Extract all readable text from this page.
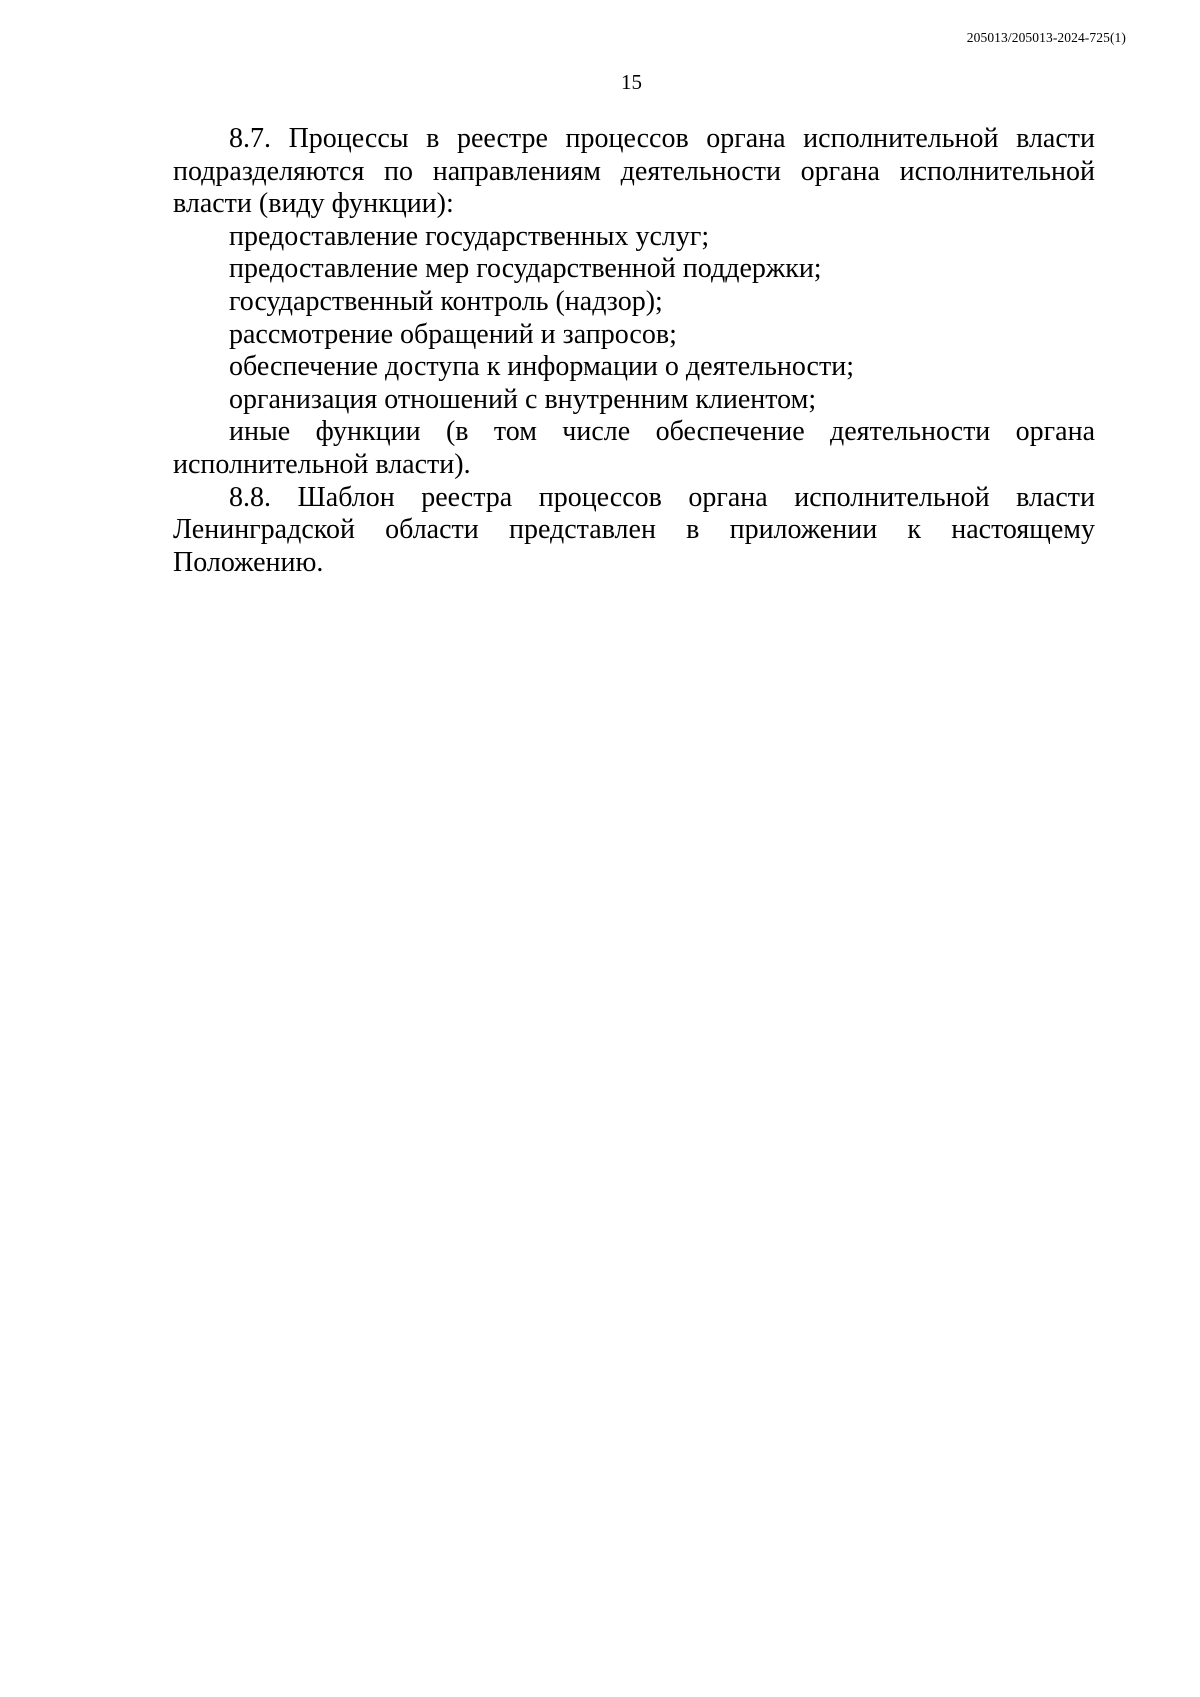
205013/205013-2024-725(1)
15

8.7. Процессы в реестре процессов органа исполнительной власти подразделяются по направлениям деятельности органа исполнительной власти (виду функции):

предоставление государственных услуг;

предоставление мер государственной поддержки;

государственный контроль (надзор);

рассмотрение обращений и запросов;

обеспечение доступа к информации о деятельности;

организация отношений с внутренним клиентом;

иные функции (в том числе обеспечение деятельности органа исполнительной власти).

8.8. Шаблон реестра процессов органа исполнительной власти Ленинградской области представлен в приложении к настоящему Положению.
